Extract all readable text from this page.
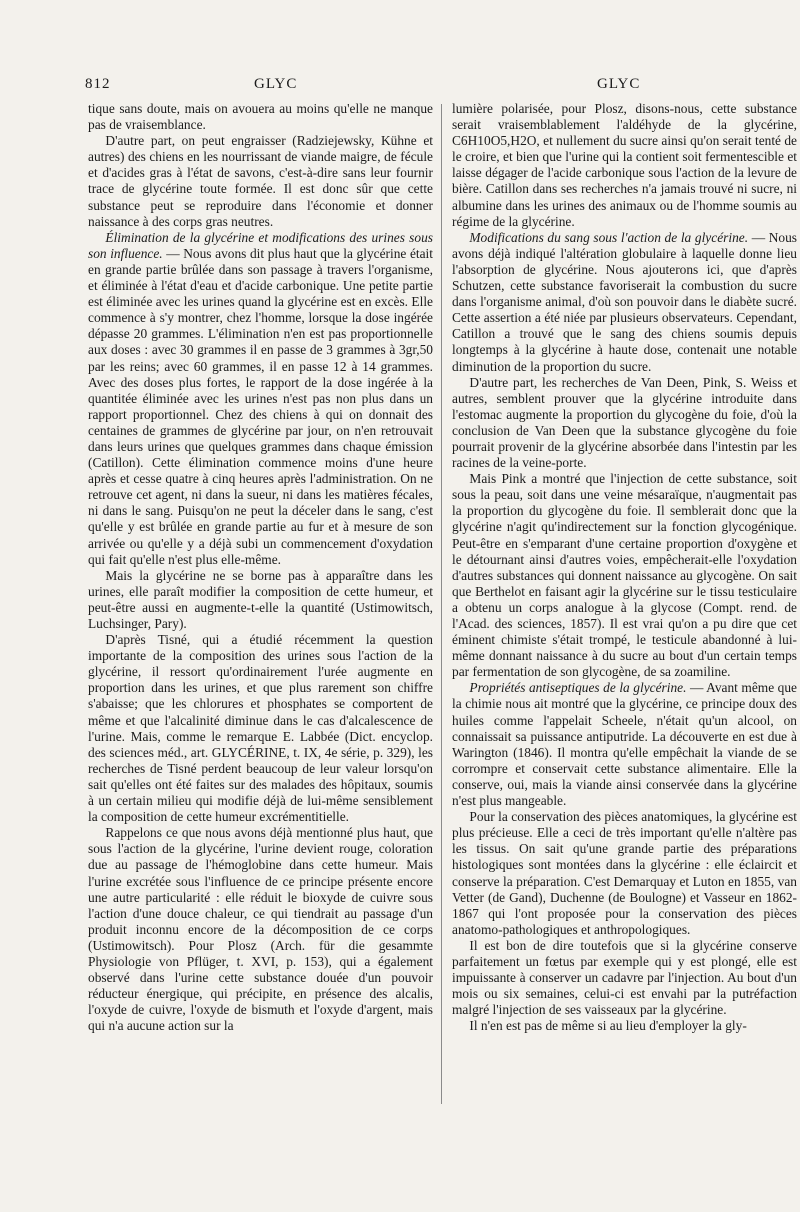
812	GLYC	GLYC

tique sans doute, mais on avouera au moins qu'elle ne manque pas de vraisemblance.

D'autre part, on peut engraisser (Radziejewsky, Kühne et autres) des chiens en les nourrissant de viande maigre, de fécule et d'acides gras à l'état de savons, c'est-à-dire sans leur fournir trace de glycérine toute formée. Il est donc sûr que cette substance peut se reproduire dans l'économie et donner naissance à des corps gras neutres.

Élimination de la glycérine et modifications des urines sous son influence. — Nous avons dit plus haut que la glycérine était en grande partie brûlée dans son passage à travers l'organisme, et éliminée à l'état d'eau et d'acide carbonique. Une petite partie est éliminée avec les urines quand la glycérine est en excès. Elle commence à s'y montrer, chez l'homme, lorsque la dose ingérée dépasse 20 grammes. L'élimination n'en est pas proportionnelle aux doses : avec 30 grammes il en passe de 3 grammes à 3gr,50 par les reins; avec 60 grammes, il en passe 12 à 14 grammes. Avec des doses plus fortes, le rapport de la dose ingérée à la quantitée éliminée avec les urines n'est pas non plus dans un rapport proportionnel. Chez des chiens à qui on donnait des centaines de grammes de glycérine par jour, on n'en retrouvait dans leurs urines que quelques grammes dans chaque émission (Catillon). Cette élimination commence moins d'une heure après et cesse quatre à cinq heures après l'administration. On ne retrouve cet agent, ni dans la sueur, ni dans les matières fécales, ni dans le sang. Puisqu'on ne peut la déceler dans le sang, c'est qu'elle y est brûlée en grande partie au fur et à mesure de son arrivée ou qu'elle y a déjà subi un commencement d'oxydation qui fait qu'elle n'est plus elle-même.

Mais la glycérine ne se borne pas à apparaître dans les urines, elle paraît modifier la composition de cette humeur, et peut-être aussi en augmente-t-elle la quantité (Ustimowitsch, Luchsinger, Pary).

D'après Tisné, qui a étudié récemment la question importante de la composition des urines sous l'action de la glycérine, il ressort qu'ordinairement l'urée augmente en proportion dans les urines, et que plus rarement son chiffre s'abaisse; que les chlorures et phosphates se comportent de même et que l'alcalinité diminue dans le cas d'alcalescence de l'urine. Mais, comme le remarque E. Labbée (Dict. encyclop. des sciences méd., art. GLYCÉRINE, t. IX, 4e série, p. 329), les recherches de Tisné perdent beaucoup de leur valeur lorsqu'on sait qu'elles ont été faites sur des malades des hôpitaux, soumis à un certain milieu qui modifie déjà de lui-même sensiblement la composition de cette humeur excrémentitielle.

Rappelons ce que nous avons déjà mentionné plus haut, que sous l'action de la glycérine, l'urine devient rouge, coloration due au passage de l'hémoglobine dans cette humeur. Mais l'urine excrétée sous l'influence de ce principe présente encore une autre particularité : elle réduit le bioxyde de cuivre sous l'action d'une douce chaleur, ce qui tiendrait au passage d'un produit inconnu encore de la décomposition de ce corps (Ustimowitsch). Pour Plosz (Arch. für die gesammte Physiologie von Pflüger, t. XVI, p. 153), qui a également observé dans l'urine cette substance douée d'un pouvoir réducteur énergique, qui précipite, en présence des alcalis, l'oxyde de cuivre, l'oxyde de bismuth et l'oxyde d'argent, mais qui n'a aucune action sur la

lumière polarisée, pour Plosz, disons-nous, cette substance serait vraisemblablement l'aldéhyde de la glycérine, C6H10O5,H2O, et nullement du sucre ainsi qu'on serait tenté de le croire, et bien que l'urine qui la contient soit fermentescible et laisse dégager de l'acide carbonique sous l'action de la levure de bière. Catillon dans ses recherches n'a jamais trouvé ni sucre, ni albumine dans les urines des animaux ou de l'homme soumis au régime de la glycérine.

Modifications du sang sous l'action de la glycérine. — Nous avons déjà indiqué l'altération globulaire à laquelle donne lieu l'absorption de glycérine. Nous ajouterons ici, que d'après Schutzen, cette substance favoriserait la combustion du sucre dans l'organisme animal, d'où son pouvoir dans le diabète sucré. Cette assertion a été niée par plusieurs observateurs. Cependant, Catillon a trouvé que le sang des chiens soumis depuis longtemps à la glycérine à haute dose, contenait une notable diminution de la proportion du sucre.

D'autre part, les recherches de Van Deen, Pink, S. Weiss et autres, semblent prouver que la glycérine introduite dans l'estomac augmente la proportion du glycogène du foie, d'où la conclusion de Van Deen que la substance glycogène du foie pourrait provenir de la glycérine absorbée dans l'intestin par les racines de la veine-porte.

Mais Pink a montré que l'injection de cette substance, soit sous la peau, soit dans une veine mésaraïque, n'augmentait pas la proportion du glycogène du foie. Il semblerait donc que la glycérine n'agit qu'indirectement sur la fonction glycogénique. Peut-être en s'emparant d'une certaine proportion d'oxygène et le détournant ainsi d'autres voies, empêcherait-elle l'oxydation d'autres substances qui donnent naissance au glycogène. On sait que Berthelot en faisant agir la glycérine sur le tissu testiculaire a obtenu un corps analogue à la glycose (Compt. rend. de l'Acad. des sciences, 1857). Il est vrai qu'on a pu dire que cet éminent chimiste s'était trompé, le testicule abandonné à lui-même donnant naissance à du sucre au bout d'un certain temps par fermentation de son glycogène, de sa zoamiline.

Propriétés antiseptiques de la glycérine. — Avant même que la chimie nous ait montré que la glycérine, ce principe doux des huiles comme l'appelait Scheele, n'était qu'un alcool, on connaissait sa puissance antiputride. La découverte en est due à Warington (1846). Il montra qu'elle empêchait la viande de se corrompre et conservait cette substance alimentaire. Elle la conserve, oui, mais la viande ainsi conservée dans la glycérine n'est plus mangeable.

Pour la conservation des pièces anatomiques, la glycérine est plus précieuse. Elle a ceci de très important qu'elle n'altère pas les tissus. On sait qu'une grande partie des préparations histologiques sont montées dans la glycérine : elle éclaircit et conserve la préparation. C'est Demarquay et Luton en 1855, van Vetter (de Gand), Duchenne (de Boulogne) et Vasseur en 1862-1867 qui l'ont proposée pour la conservation des pièces anatomo-pathologiques et anthropologiques.

Il est bon de dire toutefois que si la glycérine conserve parfaitement un fœtus par exemple qui y est plongé, elle est impuissante à conserver un cadavre par l'injection. Au bout d'un mois ou six semaines, celui-ci est envahi par la putréfaction malgré l'injection de ses vaisseaux par la glycérine.

Il n'en est pas de même si au lieu d'employer la gly-
